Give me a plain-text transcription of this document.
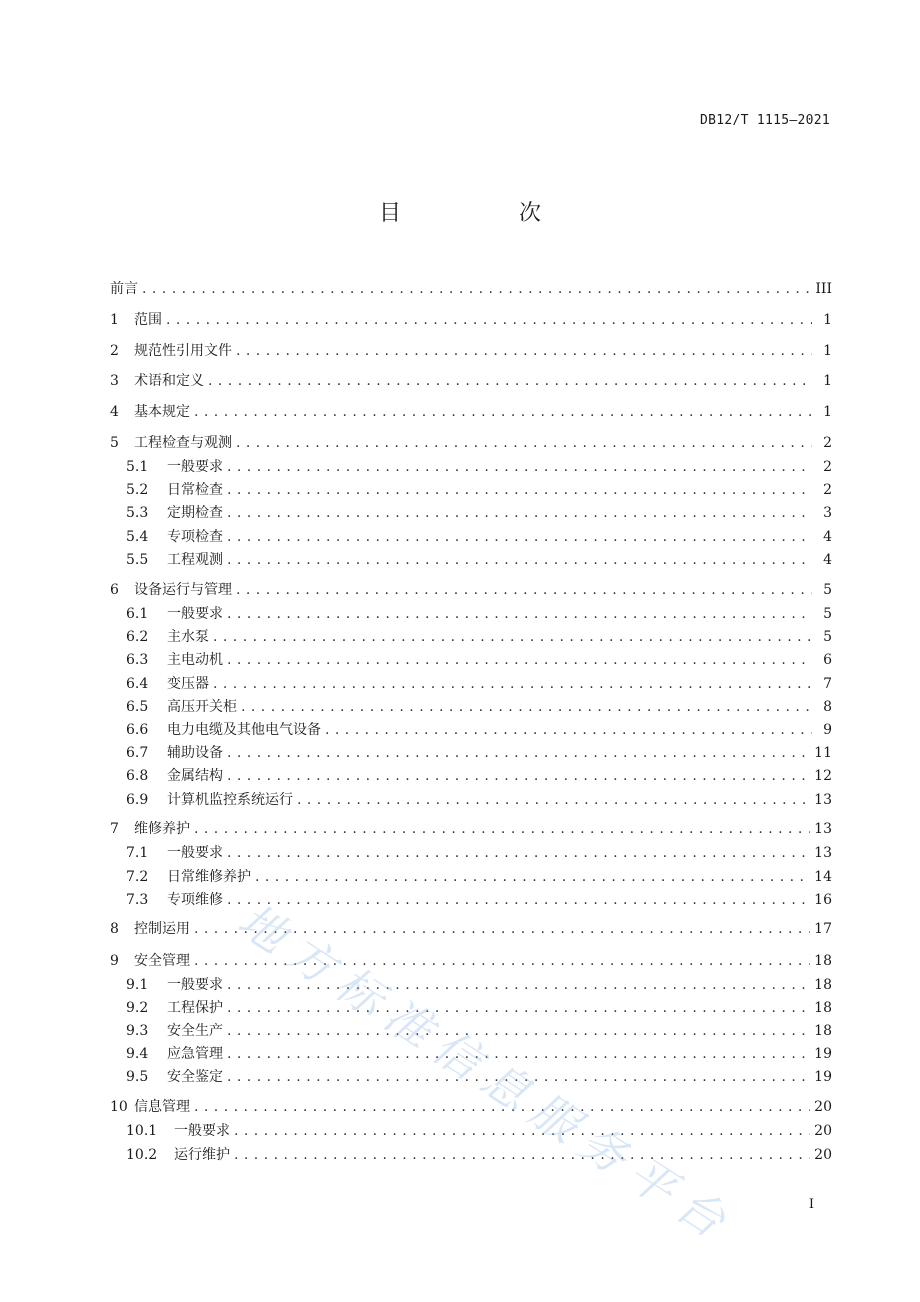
DB12/T 1115—2021
目　次
前言 . . .	III
1	范围 . . .	1
2	规范性引用文件 . . .	1
3	术语和定义 . . .	1
4	基本规定 . . .	1
5	工程检查与观测 . . .	2
5.1	一般要求 . . .	2
5.2	日常检查 . . .	2
5.3	定期检查 . . .	3
5.4	专项检查 . . .	4
5.5	工程观测 . . .	4
6	设备运行与管理 . . .	5
6.1	一般要求 . . .	5
6.2	主水泵 . . .	5
6.3	主电动机 . . .	6
6.4	变压器 . . .	7
6.5	高压开关柜 . . .	8
6.6	电力电缆及其他电气设备 . . .	9
6.7	辅助设备 . . .	11
6.8	金属结构 . . .	12
6.9	计算机监控系统运行 . . .	13
7	维修养护 . . .	13
7.1	一般要求 . . .	13
7.2	日常维修养护 . . .	14
7.3	专项维修 . . .	16
8	控制运用 . . .	17
9	安全管理 . . .	18
9.1	一般要求 . . .	18
9.2	工程保护 . . .	18
9.3	安全生产 . . .	18
9.4	应急管理 . . .	19
9.5	安全鉴定 . . .	19
10 信息管理 . . .	20
10.1	一般要求 . . .	20
10.2	运行维护 . . .	20
I
地方标准信息服务平台
